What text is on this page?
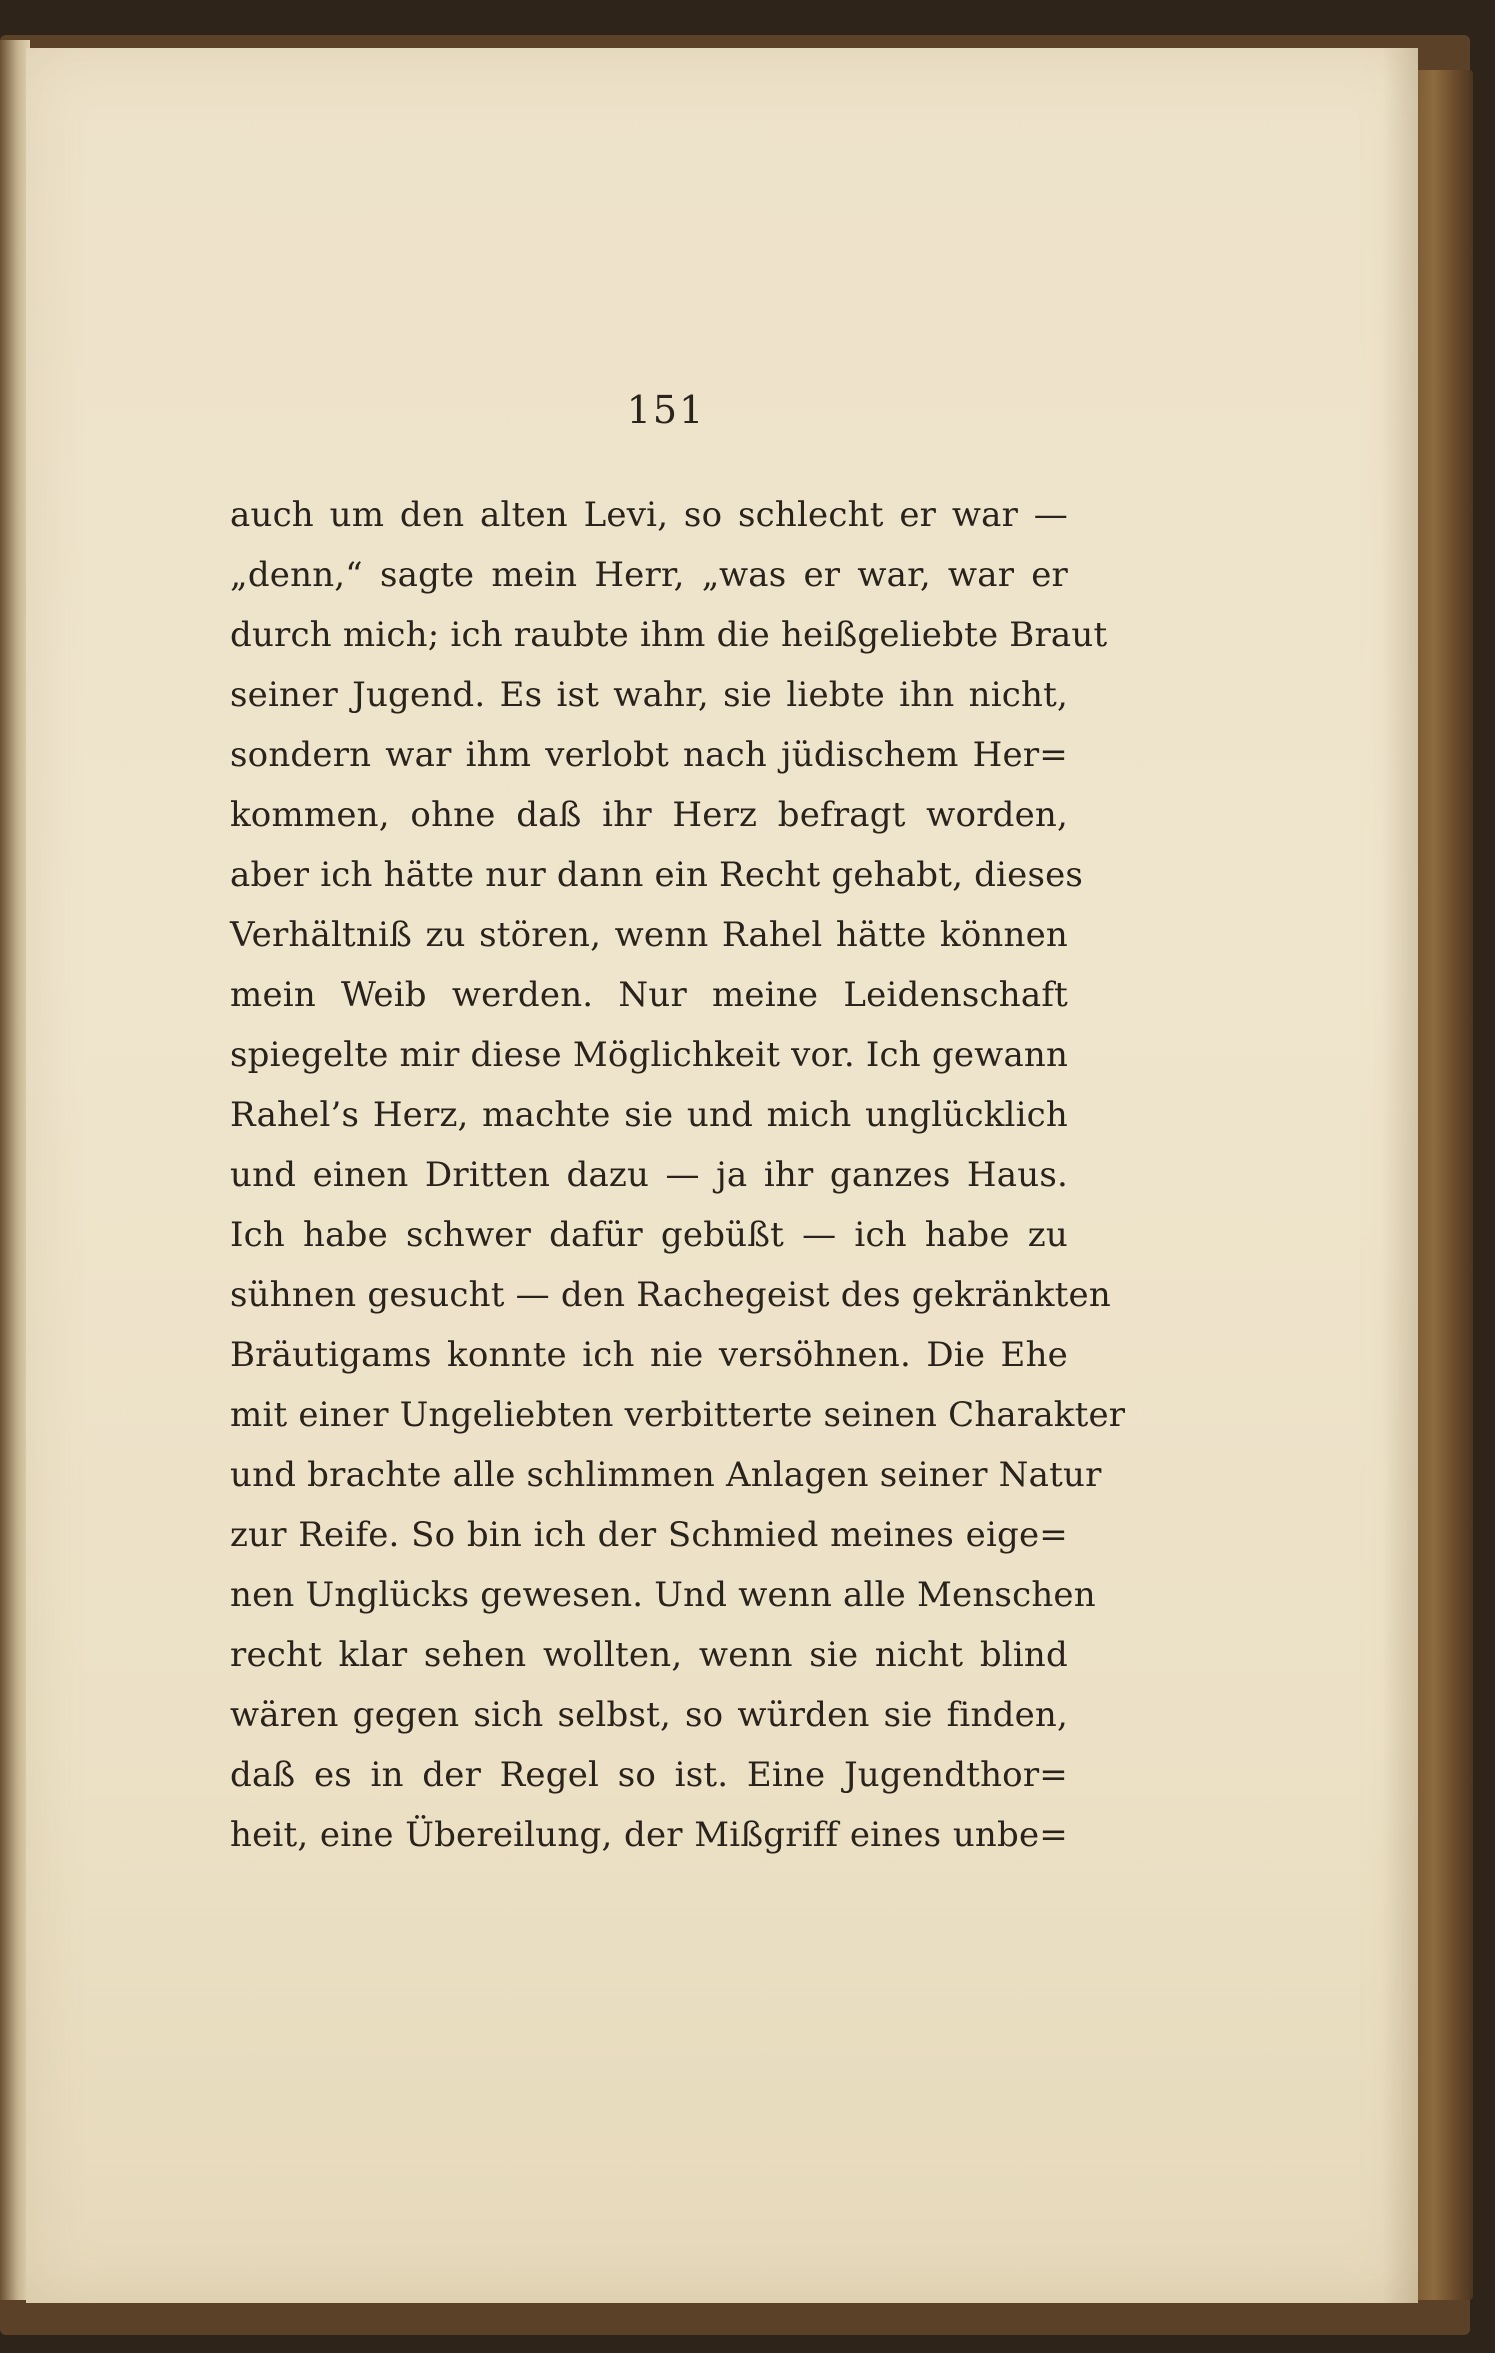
151
auch um den alten Levi, so schlecht er war —
„denn,“ sagte mein Herr, „was er war, war er
durch mich; ich raubte ihm die heißgeliebte Braut
seiner Jugend. Es ist wahr, sie liebte ihn nicht,
sondern war ihm verlobt nach jüdischem Her=
kommen, ohne daß ihr Herz befragt worden,
aber ich hätte nur dann ein Recht gehabt, dieses
Verhältniß zu stören, wenn Rahel hätte können
mein Weib werden. Nur meine Leidenschaft
spiegelte mir diese Möglichkeit vor. Ich gewann
Rahel’s Herz, machte sie und mich unglücklich
und einen Dritten dazu — ja ihr ganzes Haus.
Ich habe schwer dafür gebüßt — ich habe zu
sühnen gesucht — den Rachegeist des gekränkten
Bräutigams konnte ich nie versöhnen. Die Ehe
mit einer Ungeliebten verbitterte seinen Charakter
und brachte alle schlimmen Anlagen seiner Natur
zur Reife. So bin ich der Schmied meines eige=
nen Unglücks gewesen. Und wenn alle Menschen
recht klar sehen wollten, wenn sie nicht blind
wären gegen sich selbst, so würden sie finden,
daß es in der Regel so ist. Eine Jugendthor=
heit, eine Übereilung, der Mißgriff eines unbe=
